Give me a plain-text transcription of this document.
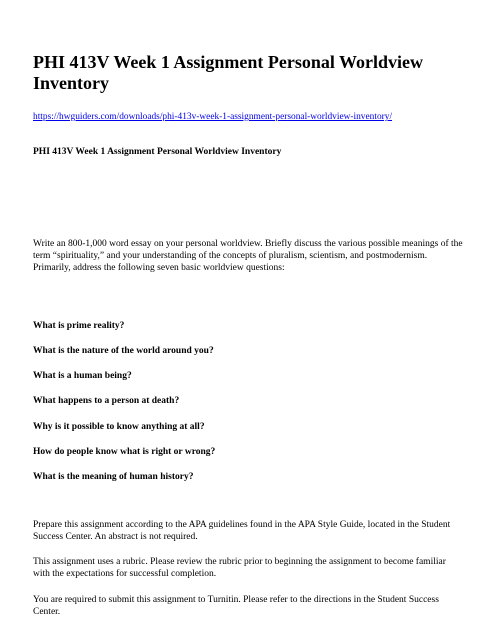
PHI 413V Week 1 Assignment Personal Worldview Inventory
https://hwguiders.com/downloads/phi-413v-week-1-assignment-personal-worldview-inventory/

PHI 413V Week 1 Assignment Personal Worldview Inventory

Write an 800-1,000 word essay on your personal worldview. Briefly discuss the various possible meanings of the term “spirituality,” and your understanding of the concepts of pluralism, scientism, and postmodernism. Primarily, address the following seven basic worldview questions:

What is prime reality?

What is the nature of the world around you?

What is a human being?

What happens to a person at death?

Why is it possible to know anything at all?

How do people know what is right or wrong?

What is the meaning of human history?

Prepare this assignment according to the APA guidelines found in the APA Style Guide, located in the Student Success Center. An abstract is not required.

This assignment uses a rubric. Please review the rubric prior to beginning the assignment to become familiar with the expectations for successful completion.

You are required to submit this assignment to Turnitin. Please refer to the directions in the Student Success Center.
